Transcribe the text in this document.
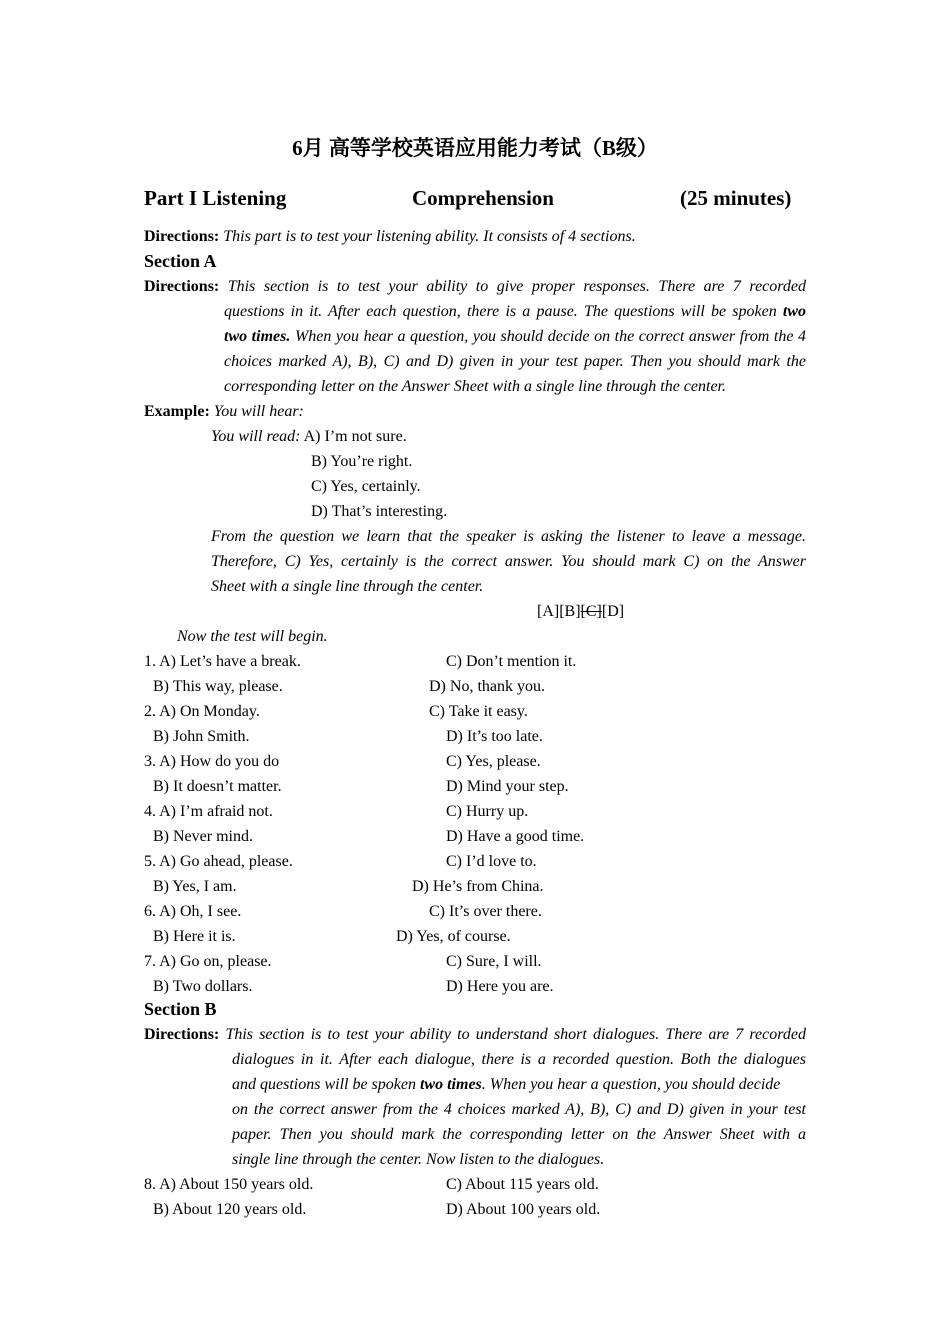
6月 高等学校英语应用能力考试（B级）
Part I Listening	Comprehension	(25 minutes)
Directions: This part is to test your listening ability. It consists of 4 sections.
Section A
Directions: This section is to test your ability to give proper responses. There are 7 recorded
questions in it. After each question, there is a pause. The questions will be spoken two
two times. When you hear a question, you should decide on the correct answer from the 4
choices marked A), B), C) and D) given in your test paper. Then you should mark the
corresponding letter on the Answer Sheet with a single line through the center.
Example: You will hear:
You will read: A) I’m not sure.
B) You’re right.
C) Yes, certainly.
D) That’s interesting.
From the question we learn that the speaker is asking the listener to leave a message.
Therefore, C) Yes, certainly is the correct answer. You should mark C) on the Answer
Sheet with a single line through the center.
[A][B][C][D]
Now the test will begin.
1. A) Let’s have a break.	C) Don’t mention it.
B) This way, please.	D) No, thank you.
2. A) On Monday.	C) Take it easy.
B) John Smith.	D) It’s too late.
3. A) How do you do	C) Yes, please.
B) It doesn’t matter.	D) Mind your step.
4. A) I’m afraid not.	C) Hurry up.
B) Never mind.	D) Have a good time.
5. A) Go ahead, please.	C) I’d love to.
B) Yes, I am.	D) He’s from China.
6. A) Oh, I see.	C) It’s over there.
B) Here it is.	D) Yes, of course.
7. A) Go on, please.	C) Sure, I will.
B) Two dollars.	D) Here you are.
Section B
Directions: This section is to test your ability to understand short dialogues. There are 7 recorded
dialogues in it. After each dialogue, there is a recorded question. Both the dialogues
and questions will be spoken two times. When you hear a question, you should decide
on the correct answer from the 4 choices marked A), B), C) and D) given in your test
paper. Then you should mark the corresponding letter on the Answer Sheet with a
single line through the center. Now listen to the dialogues.
8. A) About 150 years old.	C) About 115 years old.
B) About 120 years old.	D) About 100 years old.
